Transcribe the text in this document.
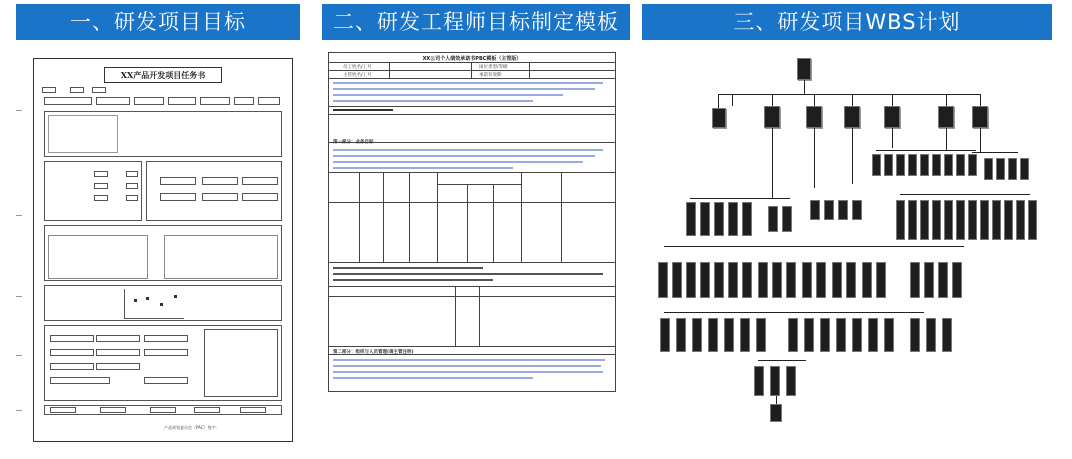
一、研发项目目标	二、研发工程师目标制定模板	三、研发项目WBS计划
XX产品开发项目任务书
产品规划委员会（PAC）签字：
XX公司个人绩效承诺书PBC模板（主管版）
员工姓名/工号	岗位类型/等级
主管姓名/工号	承诺有效期
第一部分：业务目标
第二部分：组织与人员管理(请主管注明)
